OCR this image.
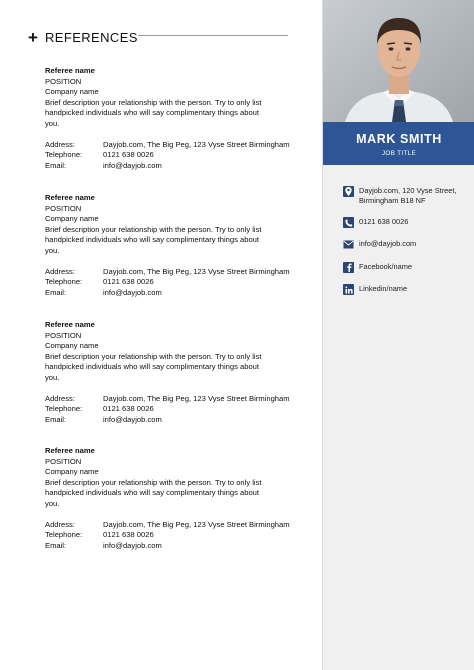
+ REFERENCES
Referee name
POSITION
Company name
Brief description your relationship with the person. Try to only list handpicked individuals who will say complimentary things about you.
Address:	Dayjob.com, The Big Peg, 123 Vyse Street Birmingham
Telephone:	0121 638 0026
Email:	info@dayjob.com
Referee name
POSITION
Company name
Brief description your relationship with the person. Try to only list handpicked individuals who will say complimentary things about you.
Address:	Dayjob.com, The Big Peg, 123 Vyse Street Birmingham
Telephone:	0121 638 0026
Email:	info@dayjob.com
Referee name
POSITION
Company name
Brief description your relationship with the person. Try to only list handpicked individuals who will say complimentary things about you.
Address:	Dayjob.com, The Big Peg, 123 Vyse Street Birmingham
Telephone:	0121 638 0026
Email:	info@dayjob.com
Referee name
POSITION
Company name
Brief description your relationship with the person. Try to only list handpicked individuals who will say complimentary things about you.
Address:	Dayjob.com, The Big Peg, 123 Vyse Street Birmingham
Telephone:	0121 638 0026
Email:	info@dayjob.com
MARK SMITH
JOB TITLE
Dayjob.com, 120 Vyse Street, Birmingham B18 NF
0121 638 0026
info@dayjob.com
Facebook/name
Linkedin/name
